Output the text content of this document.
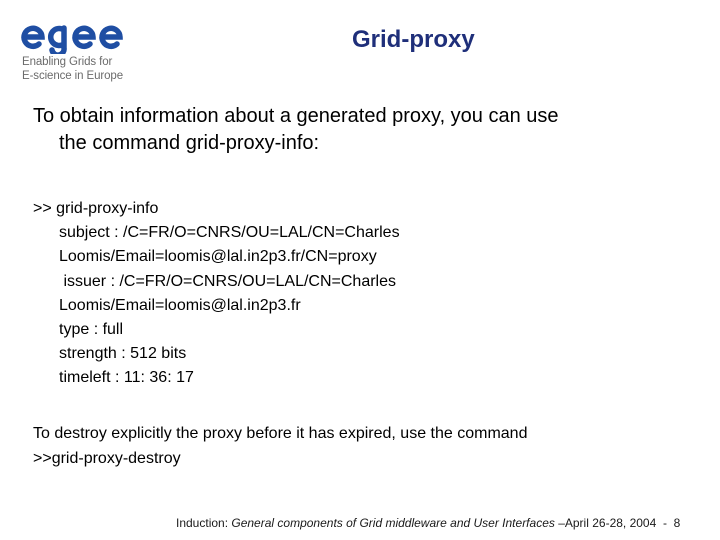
Enabling Grids for
E-science in Europe
Grid-proxy
To obtain information about a generated proxy, you can use
the command grid-proxy-info:
>> grid-proxy-info
subject : /C=FR/O=CNRS/OU=LAL/CN=Charles
Loomis/Email=loomis@lal.in2p3.fr/CN=proxy
issuer : /C=FR/O=CNRS/OU=LAL/CN=Charles
Loomis/Email=loomis@lal.in2p3.fr
type : full
strength : 512 bits
timeleft : 11: 36: 17
To destroy explicitly the proxy before it has expired, use the command
>>grid-proxy-destroy
Induction: General components of Grid middleware and User Interfaces –April 26-28, 2004  -  8
